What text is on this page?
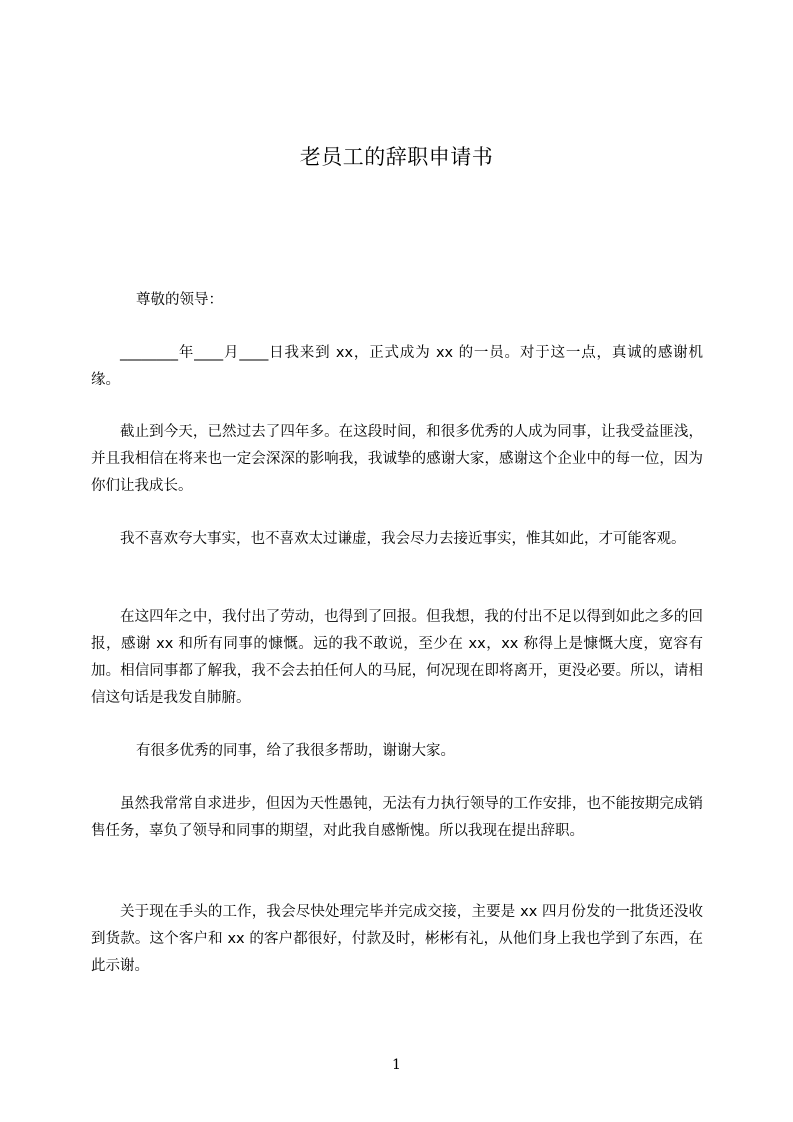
老员工的辞职申请书
尊敬的领导：
________年____月____日我来到 xx，正式成为 xx 的一员。对于这一点，真诚的感谢机缘。
截止到今天，已然过去了四年多。在这段时间，和很多优秀的人成为同事，让我受益匪浅，并且我相信在将来也一定会深深的影响我，我诚挚的感谢大家，感谢这个企业中的每一位，因为你们让我成长。
我不喜欢夸大事实，也不喜欢太过谦虚，我会尽力去接近事实，惟其如此，才可能客观。
在这四年之中，我付出了劳动，也得到了回报。但我想，我的付出不足以得到如此之多的回报，感谢 xx 和所有同事的慷慨。远的我不敢说，至少在 xx，xx 称得上是慷慨大度，宽容有加。相信同事都了解我，我不会去拍任何人的马屁，何况现在即将离开，更没必要。所以，请相信这句话是我发自肺腑。
有很多优秀的同事，给了我很多帮助，谢谢大家。
虽然我常常自求进步，但因为天性愚钝，无法有力执行领导的工作安排，也不能按期完成销售任务，辜负了领导和同事的期望，对此我自感惭愧。所以我现在提出辞职。
关于现在手头的工作，我会尽快处理完毕并完成交接，主要是 xx 四月份发的一批货还没收到货款。这个客户和 xx 的客户都很好，付款及时，彬彬有礼，从他们身上我也学到了东西，在此示谢。
1
